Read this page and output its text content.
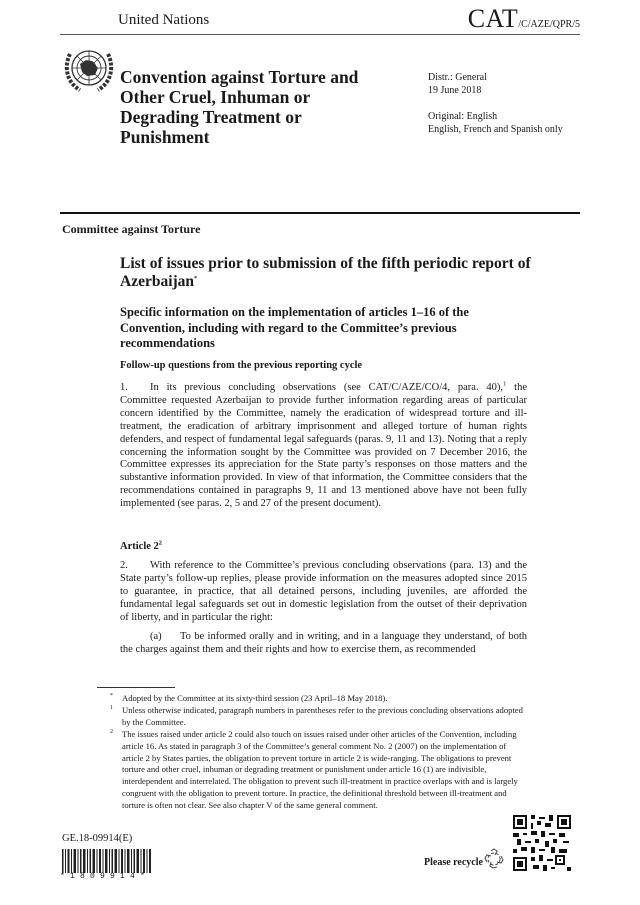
United Nations	CAT/C/AZE/QPR/5
Convention against Torture and Other Cruel, Inhuman or Degrading Treatment or Punishment
Distr.: General
19 June 2018
Original: English
English, French and Spanish only
Committee against Torture
List of issues prior to submission of the fifth periodic report of Azerbaijan*
Specific information on the implementation of articles 1–16 of the Convention, including with regard to the Committee’s previous recommendations
Follow-up questions from the previous reporting cycle
1. In its previous concluding observations (see CAT/C/AZE/CO/4, para. 40),$^1$ the Committee requested Azerbaijan to provide further information regarding areas of particular concern identified by the Committee, namely the eradication of widespread torture and ill-treatment, the eradication of arbitrary imprisonment and alleged torture of human rights defenders, and respect of fundamental legal safeguards (paras. 9, 11 and 13). Noting that a reply concerning the information sought by the Committee was provided on 7 December 2016, the Committee expresses its appreciation for the State party’s responses on those matters and the substantive information provided. In view of that information, the Committee considers that the recommendations contained in paragraphs 9, 11 and 13 mentioned above have not been fully implemented (see paras. 2, 5 and 27 of the present document).
Article $2^2$
2. With reference to the Committee’s previous concluding observations (para. 13) and the State party’s follow-up replies, please provide information on the measures adopted since 2015 to guarantee, in practice, that all detained persons, including juveniles, are afforded the fundamental legal safeguards set out in domestic legislation from the outset of their deprivation of liberty, and in particular the right:
(a) To be informed orally and in writing, and in a language they understand, of both the charges against them and their rights and how to exercise them, as recommended
* Adopted by the Committee at its sixty-third session (23 April–18 May 2018).
1 Unless otherwise indicated, paragraph numbers in parentheses refer to the previous concluding observations adopted by the Committee.
2 The issues raised under article 2 could also touch on issues raised under other articles of the Convention, including article 16. As stated in paragraph 3 of the Committee’s general comment No. 2 (2007) on the implementation of article 2 by States parties, the obligation to prevent torture in article 2 is wide-ranging. The obligations to prevent torture and other cruel, inhuman or degrading treatment or punishment under article 16 (1) are indivisible, interdependent and interrelated. The obligation to prevent such ill-treatment in practice overlaps with and is largely congruent with the obligation to prevent torture. In practice, the definitional threshold between ill-treatment and torture is often not clear. See also chapter V of the same general comment.
GE.18-09914(E)
*1809914*
Please recycle
